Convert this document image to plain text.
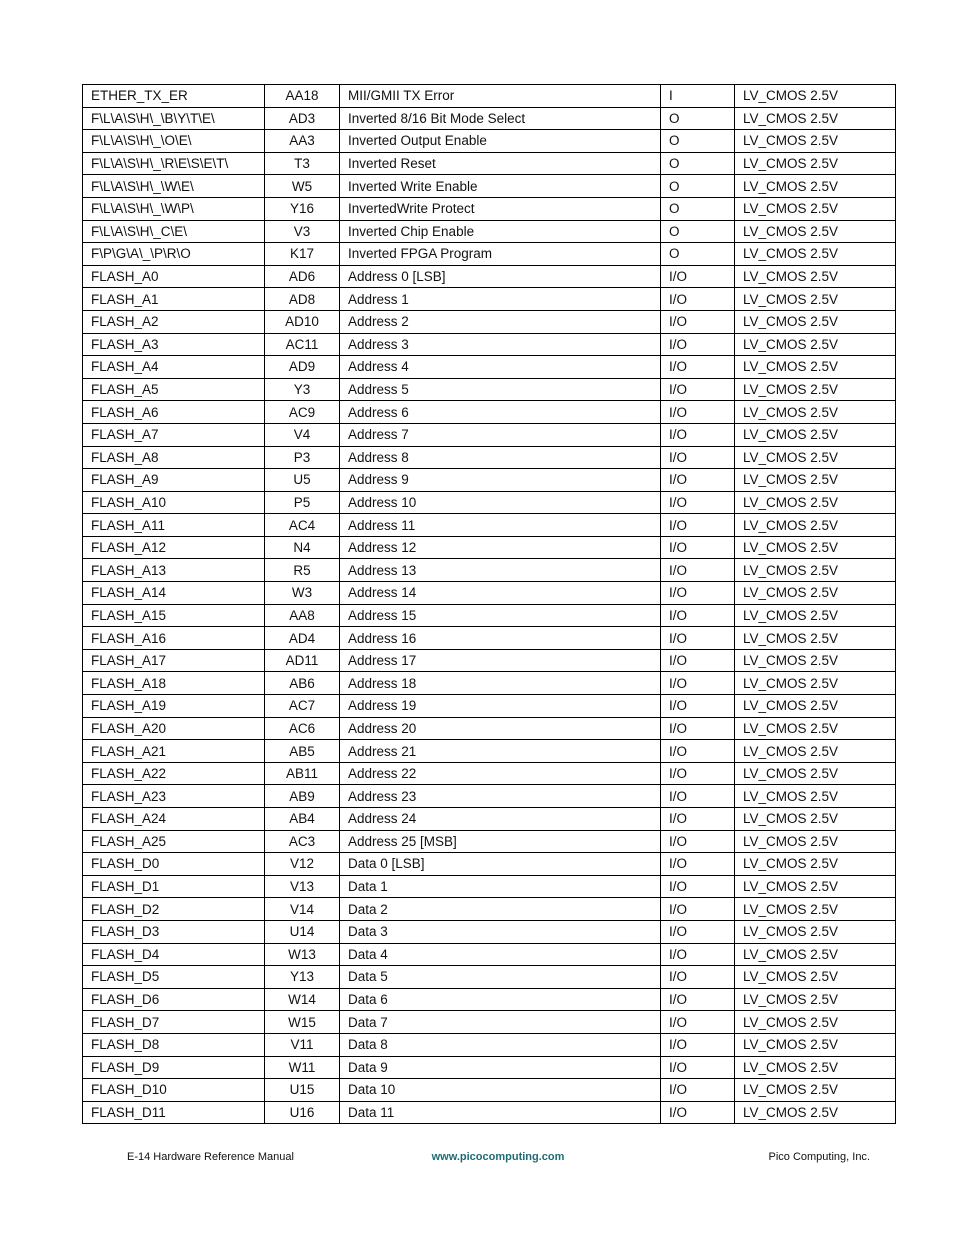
ETHER_TX_ER	AA18	MII/GMII TX Error	I	LV_CMOS 2.5V
F\L\A\S\H\_\B\Y\T\E\	AD3	Inverted 8/16 Bit Mode Select	O	LV_CMOS 2.5V
F\L\A\S\H\_\O\E\	AA3	Inverted Output Enable	O	LV_CMOS 2.5V
F\L\A\S\H\_\R\E\S\E\T\	T3	Inverted Reset	O	LV_CMOS 2.5V
F\L\A\S\H\_\W\E\	W5	Inverted Write Enable	O	LV_CMOS 2.5V
F\L\A\S\H\_\W\P\	Y16	InvertedWrite Protect	O	LV_CMOS 2.5V
F\L\A\S\H\_C\E\	V3	Inverted Chip Enable	O	LV_CMOS 2.5V
F\P\G\A\_\P\R\O	K17	Inverted FPGA Program	O	LV_CMOS 2.5V
FLASH_A0	AD6	Address 0 [LSB]	I/O	LV_CMOS 2.5V
FLASH_A1	AD8	Address 1	I/O	LV_CMOS 2.5V
FLASH_A2	AD10	Address 2	I/O	LV_CMOS 2.5V
FLASH_A3	AC11	Address 3	I/O	LV_CMOS 2.5V
FLASH_A4	AD9	Address 4	I/O	LV_CMOS 2.5V
FLASH_A5	Y3	Address 5	I/O	LV_CMOS 2.5V
FLASH_A6	AC9	Address 6	I/O	LV_CMOS 2.5V
FLASH_A7	V4	Address 7	I/O	LV_CMOS 2.5V
FLASH_A8	P3	Address 8	I/O	LV_CMOS 2.5V
FLASH_A9	U5	Address 9	I/O	LV_CMOS 2.5V
FLASH_A10	P5	Address 10	I/O	LV_CMOS 2.5V
FLASH_A11	AC4	Address 11	I/O	LV_CMOS 2.5V
FLASH_A12	N4	Address 12	I/O	LV_CMOS 2.5V
FLASH_A13	R5	Address 13	I/O	LV_CMOS 2.5V
FLASH_A14	W3	Address 14	I/O	LV_CMOS 2.5V
FLASH_A15	AA8	Address 15	I/O	LV_CMOS 2.5V
FLASH_A16	AD4	Address 16	I/O	LV_CMOS 2.5V
FLASH_A17	AD11	Address 17	I/O	LV_CMOS 2.5V
FLASH_A18	AB6	Address 18	I/O	LV_CMOS 2.5V
FLASH_A19	AC7	Address 19	I/O	LV_CMOS 2.5V
FLASH_A20	AC6	Address 20	I/O	LV_CMOS 2.5V
FLASH_A21	AB5	Address 21	I/O	LV_CMOS 2.5V
FLASH_A22	AB11	Address 22	I/O	LV_CMOS 2.5V
FLASH_A23	AB9	Address 23	I/O	LV_CMOS 2.5V
FLASH_A24	AB4	Address 24	I/O	LV_CMOS 2.5V
FLASH_A25	AC3	Address 25 [MSB]	I/O	LV_CMOS 2.5V
FLASH_D0	V12	Data 0 [LSB]	I/O	LV_CMOS 2.5V
FLASH_D1	V13	Data 1	I/O	LV_CMOS 2.5V
FLASH_D2	V14	Data 2	I/O	LV_CMOS 2.5V
FLASH_D3	U14	Data 3	I/O	LV_CMOS 2.5V
FLASH_D4	W13	Data 4	I/O	LV_CMOS 2.5V
FLASH_D5	Y13	Data 5	I/O	LV_CMOS 2.5V
FLASH_D6	W14	Data 6	I/O	LV_CMOS 2.5V
FLASH_D7	W15	Data 7	I/O	LV_CMOS 2.5V
FLASH_D8	V11	Data 8	I/O	LV_CMOS 2.5V
FLASH_D9	W11	Data 9	I/O	LV_CMOS 2.5V
FLASH_D10	U15	Data 10	I/O	LV_CMOS 2.5V
FLASH_D11	U16	Data 11	I/O	LV_CMOS 2.5V
E-14 Hardware Reference Manual	www.picocomputing.com	Pico Computing, Inc.
